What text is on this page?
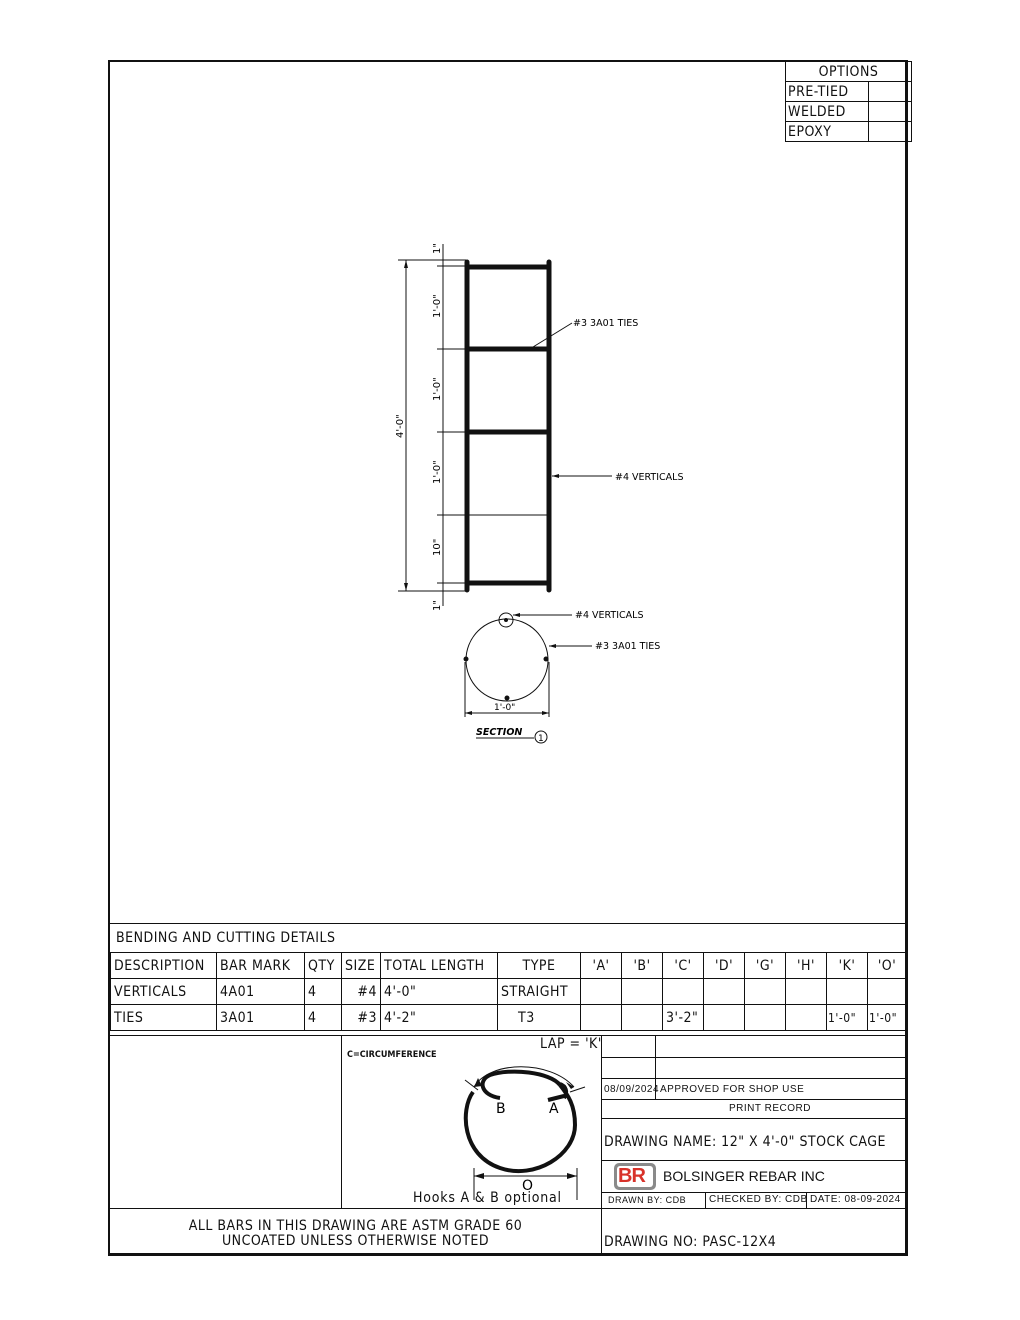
OPTIONS	
PRE-TIED	
WELDED	
EPOXY	
4'-0"
1"
1'-0"
1'-0"
1'-0"
10"
1"
#3 3A01 TIES
#4 VERTICALS
#4 VERTICALS
#3 3A01 TIES
1'-0"
SECTION
1
BENDING AND CUTTING DETAILS
DESCRIPTION	BAR MARK	QTY	SIZE	TOTAL LENGTH	TYPE	'A'	'B'	'C'	'D'	'G'	'H'	'K'	'O'
VERTICALS	4A01	4	#4	4'-0"	STRAIGHT								
TIES	3A01	4	#3	4'-2"	T3			3'-2"				1'-0"	1'-0"
C=CIRCUMFERENCE
LAP = 'K'
B	A
O
Hooks A & B optional
08/09/2024 APPROVED FOR SHOP USE
PRINT RECORD
DRAWING NAME: 12" X 4'-0" STOCK CAGE
BR BOLSINGER REBAR INC
DRAWN BY: CDB CHECKED BY: CDB DATE: 08-09-2024
DRAWING NO: PASC-12X4
ALL BARS IN THIS DRAWING ARE ASTM GRADE 60
UNCOATED UNLESS OTHERWISE NOTED
